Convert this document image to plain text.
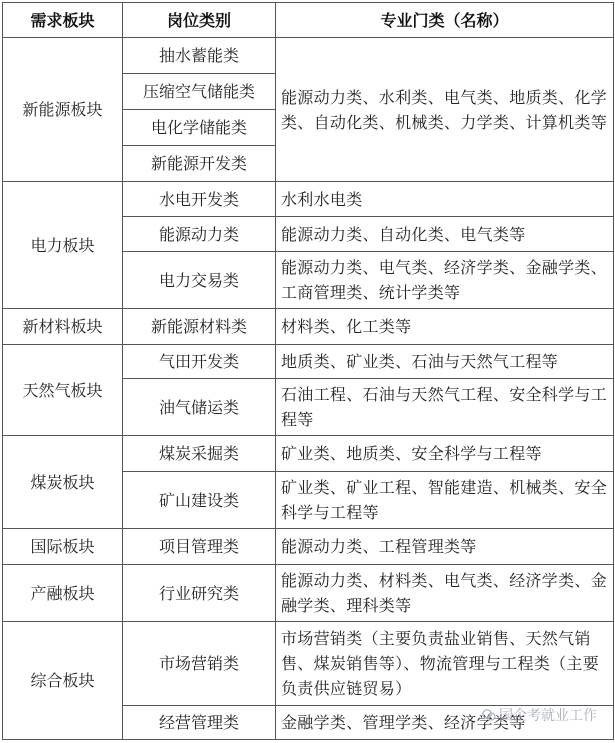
需求板块	岗位类别	专业门类（名称）
新能源板块	抽水蓄能类	能源动力类、水利类、电气类、地质类、化学类、自动化类、机械类、力学类、计算机类等
	压缩空气储能类	
	电化学储能类	
	新能源开发类	
电力板块	水电开发类	水利水电类
	能源动力类	能源动力类、自动化类、电气类等
	电力交易类	能源动力类、电气类、经济学类、金融学类、工商管理类、统计学类等
新材料板块	新能源材料类	材料类、化工类等
天然气板块	气田开发类	地质类、矿业类、石油与天然气工程等
	油气储运类	石油工程、石油与天然气工程、安全科学与工程等
煤炭板块	煤炭采掘类	矿业类、地质类、安全科学与工程等
	矿山建设类	矿业类、矿业工程、智能建造、机械类、安全科学与工程等
国际板块	项目管理类	能源动力类、工程管理类等
产融板块	行业研究类	能源动力类、材料类、电气类、经济学类、金融学类、理科类等
综合板块	市场营销类	市场营销类（主要负责盐业销售、天然气销售、煤炭销售等）、物流管理与工程类（主要负责供应链贸易）
	经营管理类	金融学类、管理学类、经济学类等
国企考就业工作
